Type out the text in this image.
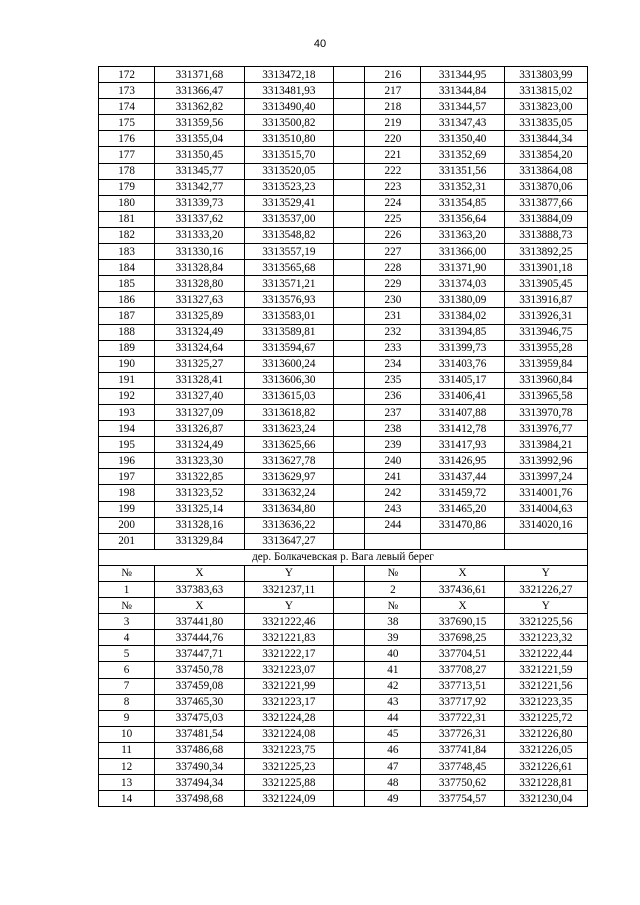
40
172	331371,68	3313472,18		216	331344,95	3313803,99
173	331366,47	3313481,93		217	331344,84	3313815,02
174	331362,82	3313490,40		218	331344,57	3313823,00
175	331359,56	3313500,82		219	331347,43	3313835,05
176	331355,04	3313510,80		220	331350,40	3313844,34
177	331350,45	3313515,70		221	331352,69	3313854,20
178	331345,77	3313520,05		222	331351,56	3313864,08
179	331342,77	3313523,23		223	331352,31	3313870,06
180	331339,73	3313529,41		224	331354,85	3313877,66
181	331337,62	3313537,00		225	331356,64	3313884,09
182	331333,20	3313548,82		226	331363,20	3313888,73
183	331330,16	3313557,19		227	331366,00	3313892,25
184	331328,84	3313565,68		228	331371,90	3313901,18
185	331328,80	3313571,21		229	331374,03	3313905,45
186	331327,63	3313576,93		230	331380,09	3313916,87
187	331325,89	3313583,01		231	331384,02	3313926,31
188	331324,49	3313589,81		232	331394,85	3313946,75
189	331324,64	3313594,67		233	331399,73	3313955,28
190	331325,27	3313600,24		234	331403,76	3313959,84
191	331328,41	3313606,30		235	331405,17	3313960,84
192	331327,40	3313615,03		236	331406,41	3313965,58
193	331327,09	3313618,82		237	331407,88	3313970,78
194	331326,87	3313623,24		238	331412,78	3313976,77
195	331324,49	3313625,66		239	331417,93	3313984,21
196	331323,30	3313627,78		240	331426,95	3313992,96
197	331322,85	3313629,97		241	331437,44	3313997,24
198	331323,52	3313632,24		242	331459,72	3314001,76
199	331325,14	3313634,80		243	331465,20	3314004,63
200	331328,16	3313636,22		244	331470,86	3314020,16
201	331329,84	3313647,27				
дер. Болкачевская р. Вага левый берег						
№	X	Y		№	X	Y
1	337383,63	3321237,11		2	337436,61	3321226,27
№	X	Y		№	X	Y
3	337441,80	3321222,46		38	337690,15	3321225,56
4	337444,76	3321221,83		39	337698,25	3321223,32
5	337447,71	3321222,17		40	337704,51	3321222,44
6	337450,78	3321223,07		41	337708,27	3321221,59
7	337459,08	3321221,99		42	337713,51	3321221,56
8	337465,30	3321223,17		43	337717,92	3321223,35
9	337475,03	3321224,28		44	337722,31	3321225,72
10	337481,54	3321224,08		45	337726,31	3321226,80
11	337486,68	3321223,75		46	337741,84	3321226,05
12	337490,34	3321225,23		47	337748,45	3321226,61
13	337494,34	3321225,88		48	337750,62	3321228,81
14	337498,68	3321224,09		49	337754,57	3321230,04
